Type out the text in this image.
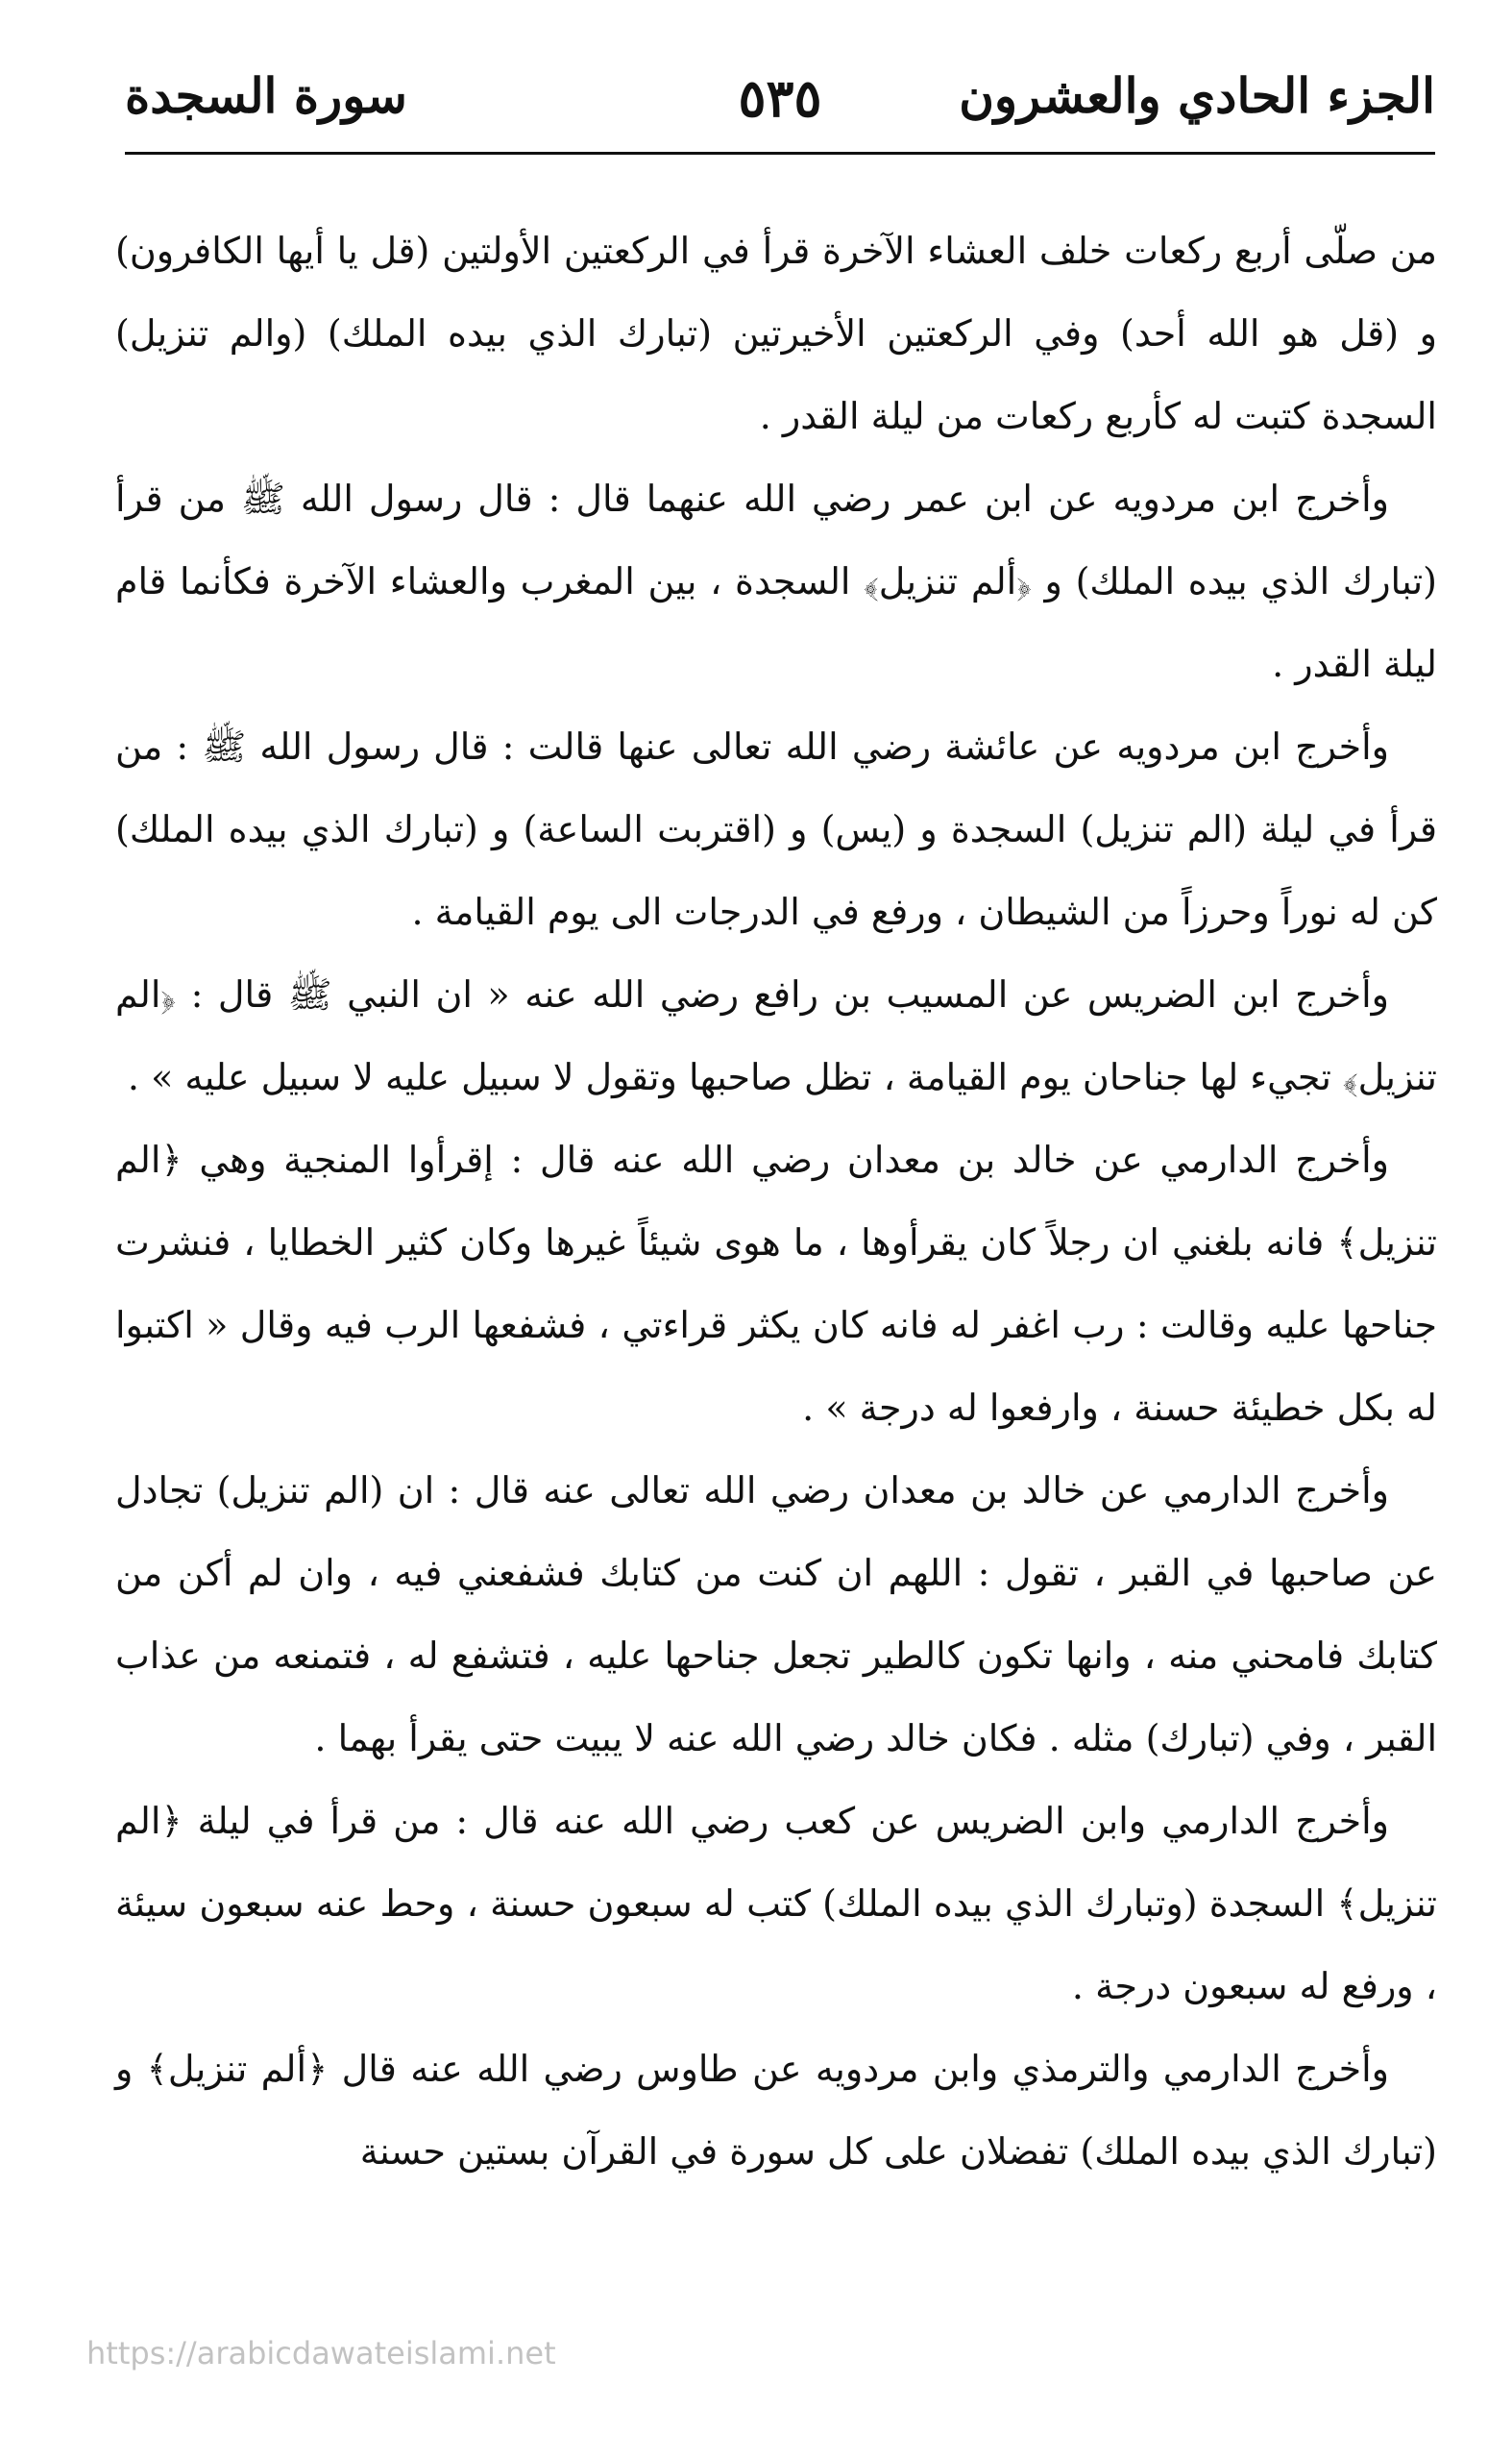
الجزء الحادي والعشرون
٥٣٥
سورة السجدة

من صلّى أربع ركعات خلف العشاء الآخرة قرأ في الركعتين الأولتين (قل يا أيها الكافرون) و (قل هو الله أحد) وفي الركعتين الأخيرتين (تبارك الذي بيده الملك) (والم تنزيل) السجدة كتبت له كأربع ركعات من ليلة القدر .

وأخرج ابن مردويه عن ابن عمر رضي الله عنهما قال : قال رسول الله ﷺ من قرأ (تبارك الذي بيده الملك) و ﴿ألم تنزيل﴾ السجدة ، بين المغرب والعشاء الآخرة فكأنما قام ليلة القدر .

وأخرج ابن مردويه عن عائشة رضي الله تعالى عنها قالت : قال رسول الله ﷺ : من قرأ في ليلة (الم تنزيل) السجدة و (يس) و (اقتربت الساعة) و (تبارك الذي بيده الملك) كن له نوراً وحرزاً من الشيطان ، ورفع في الدرجات الى يوم القيامة .

وأخرج ابن الضريس عن المسيب بن رافع رضي الله عنه « ان النبي ﷺ قال : ﴿الم تنزيل﴾ تجيء لها جناحان يوم القيامة ، تظل صاحبها وتقول لا سبيل عليه لا سبيل عليه » .

وأخرج الدارمي عن خالد بن معدان رضي الله عنه قال : إقرأوا المنجية وهي ﴿الم تنزيل﴾ فانه بلغني ان رجلاً كان يقرأوها ، ما هوى شيئاً غيرها وكان كثير الخطايا ، فنشرت جناحها عليه وقالت : رب اغفر له فانه كان يكثر قراءتي ، فشفعها الرب فيه وقال « اكتبوا له بكل خطيئة حسنة ، وارفعوا له درجة » .

وأخرج الدارمي عن خالد بن معدان رضي الله تعالى عنه قال : ان (الم تنزيل) تجادل عن صاحبها في القبر ، تقول : اللهم ان كنت من كتابك فشفعني فيه ، وان لم أكن من كتابك فامحني منه ، وانها تكون كالطير تجعل جناحها عليه ، فتشفع له ، فتمنعه من عذاب القبر ، وفي (تبارك) مثله . فكان خالد رضي الله عنه لا يبيت حتى يقرأ بهما .

وأخرج الدارمي وابن الضريس عن كعب رضي الله عنه قال : من قرأ في ليلة ﴿الم تنزيل﴾ السجدة (وتبارك الذي بيده الملك) كتب له سبعون حسنة ، وحط عنه سبعون سيئة ، ورفع له سبعون درجة .

وأخرج الدارمي والترمذي وابن مردويه عن طاوس رضي الله عنه قال ﴿ألم تنزيل﴾ و (تبارك الذي بيده الملك) تفضلان على كل سورة في القرآن بستين حسنة

https://arabicdawateislami.net
